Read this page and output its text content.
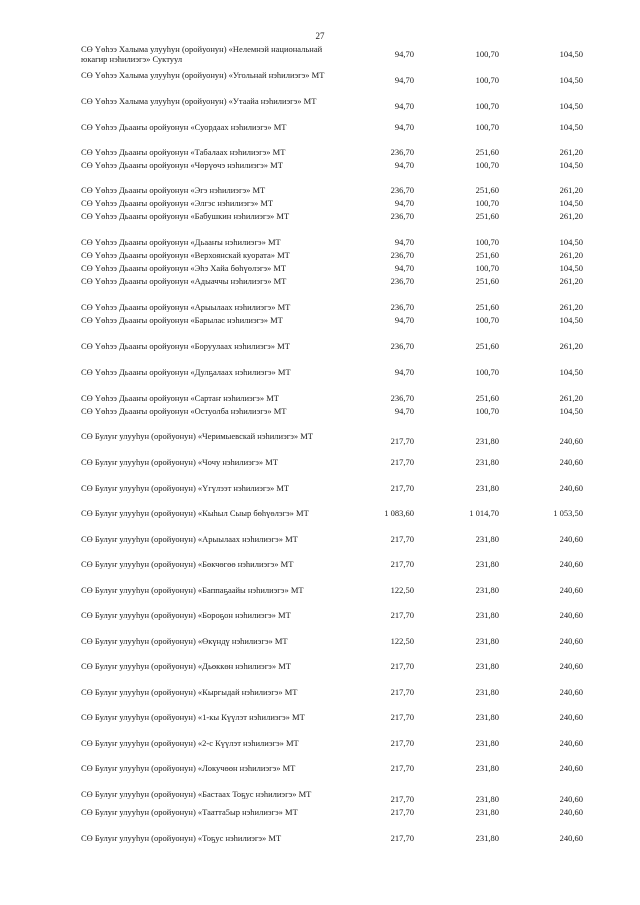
27
СӨ Үөһээ Халыма улууһун (оройуонун) «Нелемнэй национальнай юкагир нэһилиэгэ» Суктуул	94,70	100,70	104,50
СӨ Үөһээ Халыма улууһун (оройуонун) «Угольнай нэһилиэгэ» МТ	94,70	100,70	104,50
СӨ Үөһээ Халыма улууһун (оройуонун) «Утаайа нэһилиэгэ» МТ	94,70	100,70	104,50
СӨ Үөһээ Дьааҥы оройуонун «Суордаах нэһилиэгэ» МТ	94,70	100,70	104,50
СӨ Үөһээ Дьааҥы оройуонун «Табалаах нэһилиэгэ» МТ	236,70	251,60	261,20
СӨ Үөһээ Дьааҥы оройуонун «Чөрүөчэ нэһилиэгэ» МТ	94,70	100,70	104,50
СӨ Үөһээ Дьааҥы оройуонун «Эгэ нэһилиэгэ» МТ	236,70	251,60	261,20
СӨ Үөһээ Дьааҥы оройуонун «Элгэс нэһилиэгэ» МТ	94,70	100,70	104,50
СӨ Үөһээ Дьааҥы оройуонун «Бабушкин нэһилиэгэ» МТ	236,70	251,60	261,20
СӨ Үөһээ Дьааҥы оройуонун «Дьааҥы нэһилиэгэ» МТ	94,70	100,70	104,50
СӨ Үөһээ Дьааҥы оройуонун «Верхоянскай куората» МТ	236,70	251,60	261,20
СӨ Үөһээ Дьааҥы оройуонун «Эһэ Хайа бөһүөлэгэ» МТ	94,70	100,70	104,50
СӨ Үөһээ Дьааҥы оройуонун «Адыаччы нэһилиэгэ» МТ	236,70	251,60	261,20
СӨ Үөһээ Дьааҥы оройуонун «Арыылаах нэһилиэгэ» МТ	236,70	251,60	261,20
СӨ Үөһээ Дьааҥы оройуонун «Барылас нэһилиэгэ» МТ	94,70	100,70	104,50
СӨ Үөһээ Дьааҥы оройуонун «Боруулаах нэһилиэгэ» МТ	236,70	251,60	261,20
СӨ Үөһээ Дьааҥы оройуонун «Дулҕалаах нэһилиэгэ» МТ	94,70	100,70	104,50
СӨ Үөһээ Дьааҥы оройуонун «Сартаҥ нэһилиэгэ» МТ	236,70	251,60	261,20
СӨ Үөһээ Дьааҥы оройуонун «Остуолба нэһилиэгэ» МТ	94,70	100,70	104,50
СӨ Булуҥ улууһун (оройуонун) «Черимыевскай нэһилиэгэ» МТ	217,70	231,80	240,60
СӨ Булуҥ улууһун (оройуонун) «Чочу нэһилиэгэ» МТ	217,70	231,80	240,60
СӨ Булуҥ улууһун (оройуонун) «Үгүлээт нэһилиэгэ» МТ	217,70	231,80	240,60
СӨ Булуҥ улууһун (оройуонун) «Кыһыл Сыыр бөһүөлэгэ» МТ	1 083,60	1 014,70	1 053,50
СӨ Булуҥ улууһун (оройуонун) «Арыылаах нэһилиэгэ» МТ	217,70	231,80	240,60
СӨ Булуҥ улууһун (оройуонун) «Бөкчөгөө нэһилиэгэ» МТ	217,70	231,80	240,60
СӨ Булуҥ улууһун (оройуонун) «Баппаҕаайы нэһилиэгэ» МТ	122,50	231,80	240,60
СӨ Булуҥ улууһун (оройуонун) «Бороҕон нэһилиэгэ» МТ	217,70	231,80	240,60
СӨ Булуҥ улууһун (оройуонун) «Өкүндү нэһилиэгэ» МТ	122,50	231,80	240,60
СӨ Булуҥ улууһун (оройуонун) «Дьөккөн нэһилиэгэ» МТ	217,70	231,80	240,60
СӨ Булуҥ улууһун (оройуонун) «Кыргыдай нэһилиэгэ» МТ	217,70	231,80	240,60
СӨ Булуҥ улууһун (оройуонун) «1-кы Күүлэт нэһилиэгэ» МТ	217,70	231,80	240,60
СӨ Булуҥ улууһун (оройуонун) «2-с Күүлэт нэһилиэгэ» МТ	217,70	231,80	240,60
СӨ Булуҥ улууһун (оройуонун) «Локучөөн нэһилиэгэ» МТ	217,70	231,80	240,60
СӨ Булуҥ улууһун (оройуонун) «Бастаах Тоҕус нэһилиэгэ» МТ	217,70	231,80	240,60
СӨ Булуҥ улууһун (оройуонун) «Таатта5ыр нэһилиэгэ» МТ	217,70	231,80	240,60
СӨ Булуҥ улууһун (оройуонун) «Тоҕус нэһилиэгэ» МТ	217,70	231,80	240,60
